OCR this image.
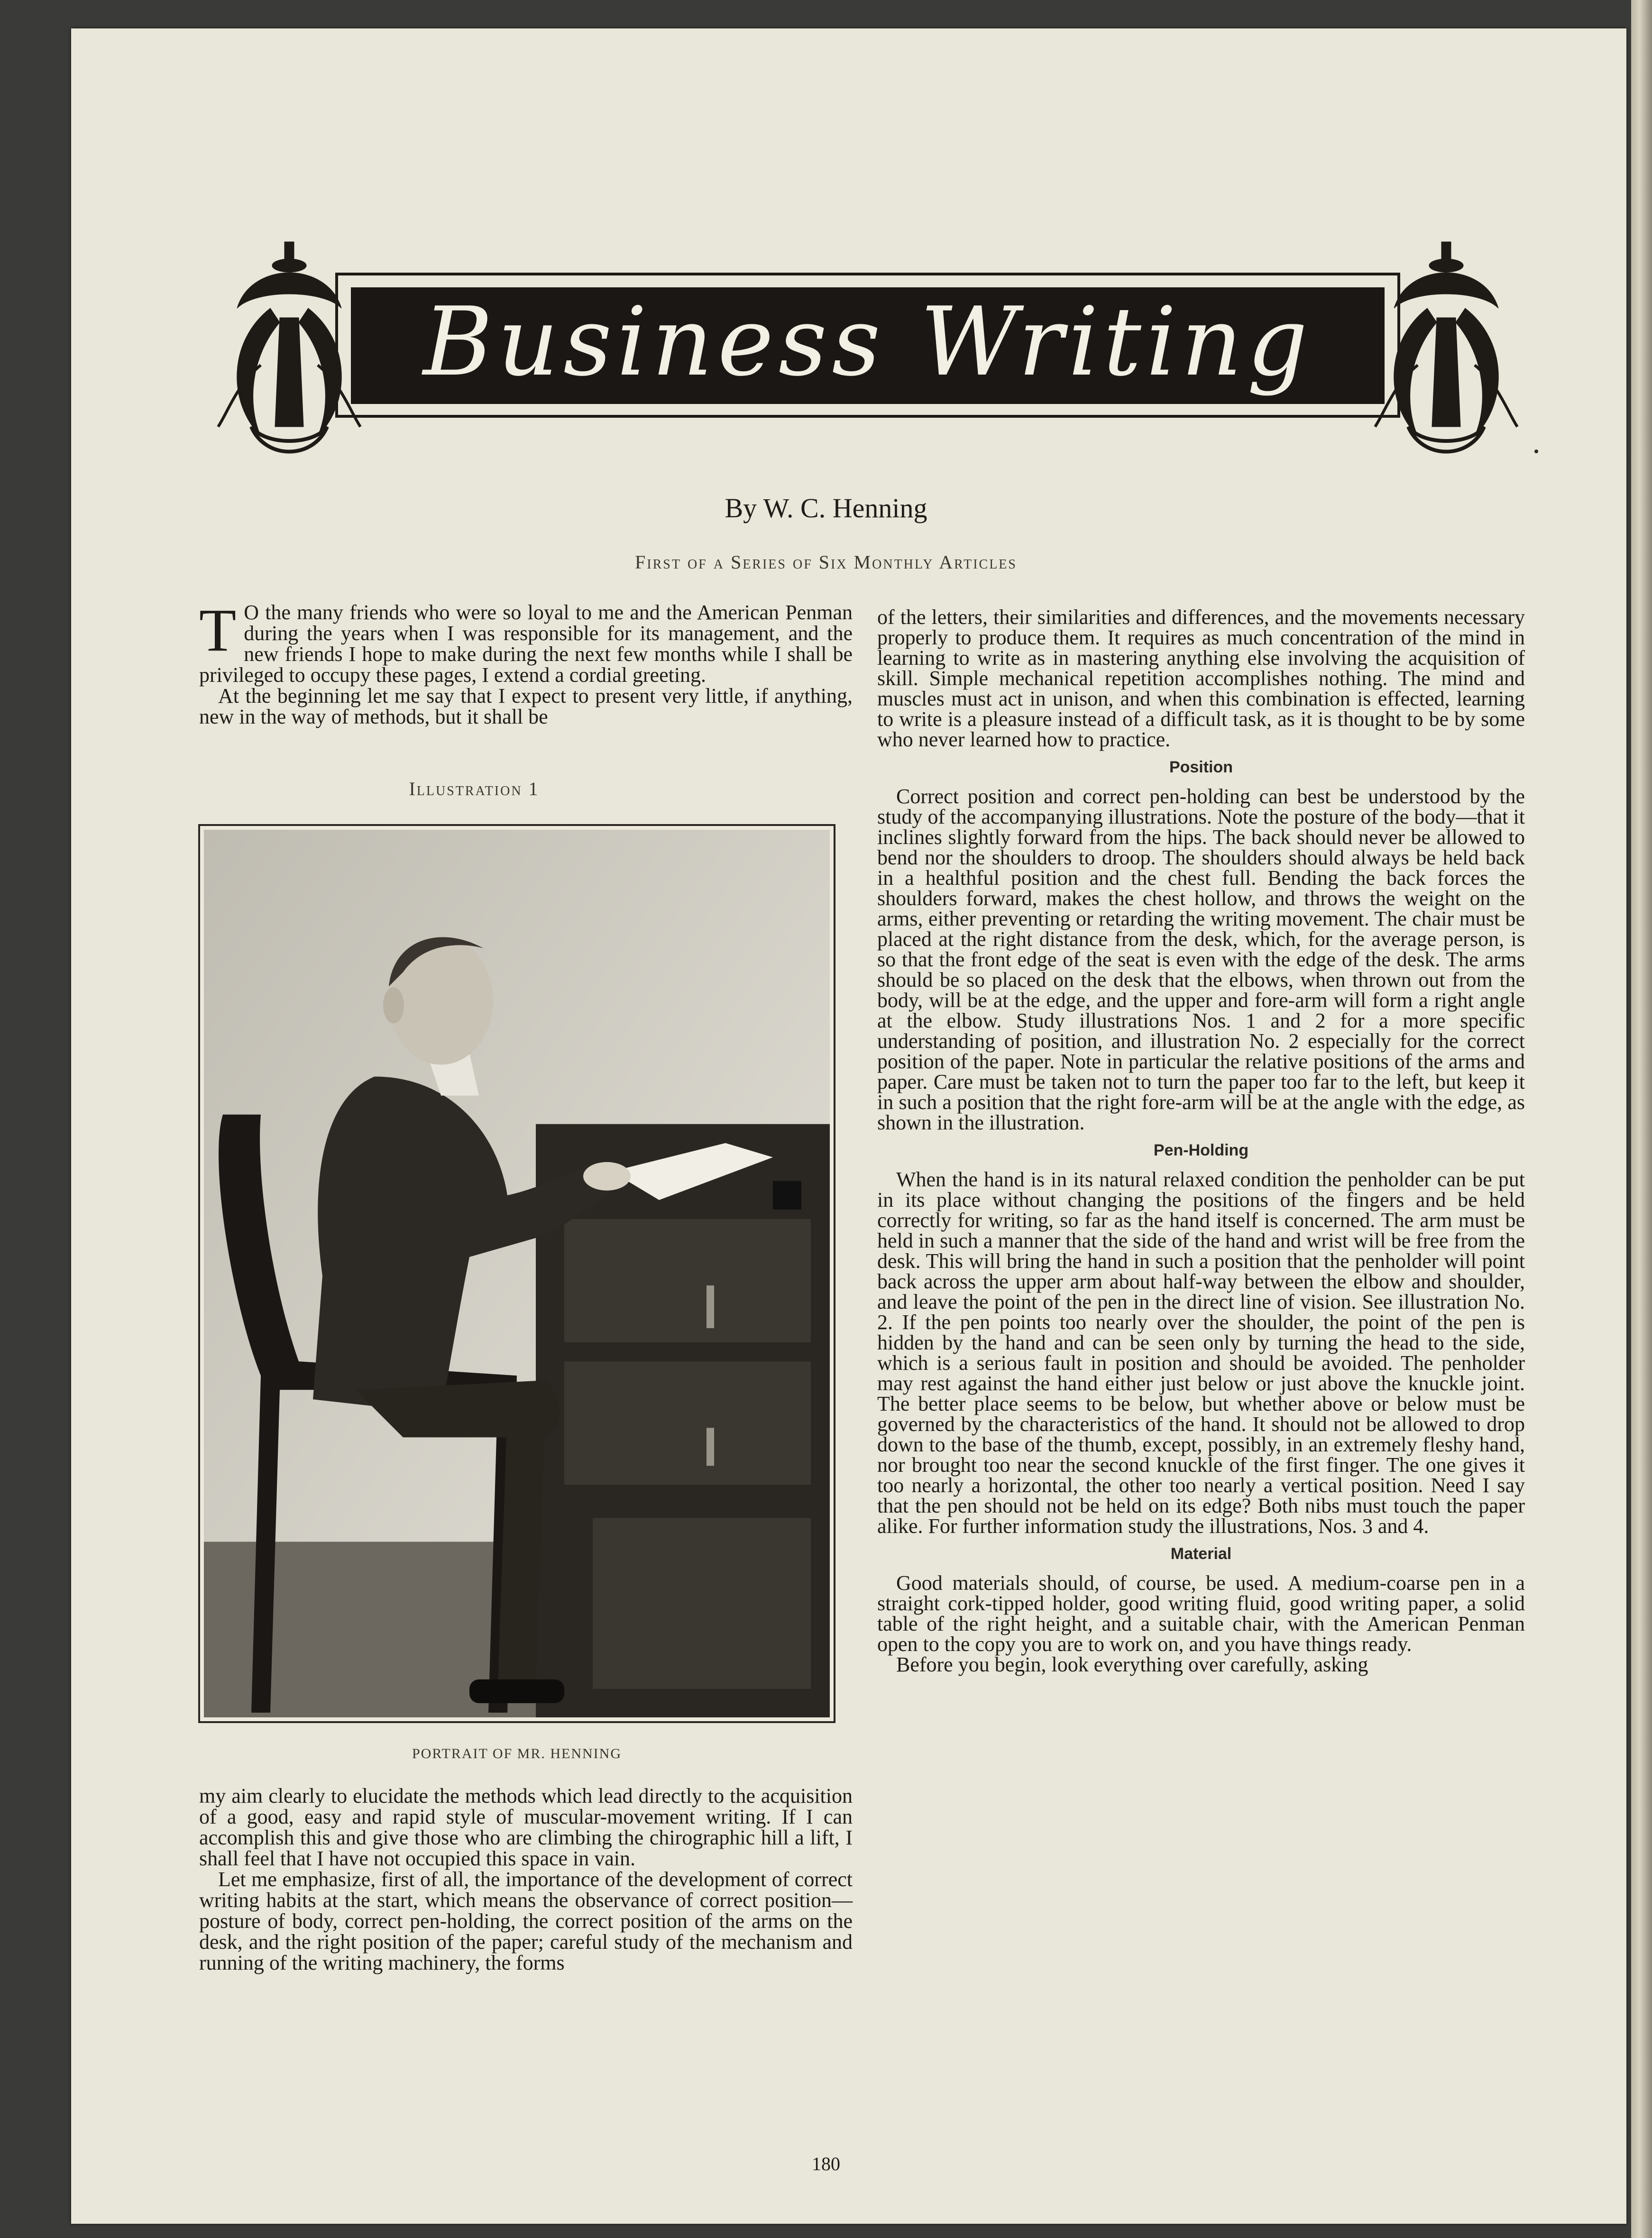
Business Writing
By W. C. Henning
First of a Series of Six Monthly Articles

T O the many friends who were so loyal to me and the American Penman during the years when I was responsible for its management, and the new friends I hope to make during the next few months while I shall be privileged to occupy these pages, I extend a cordial greeting.

At the beginning let me say that I expect to present very little, if anything, new in the way of methods, but it shall be

Illustration 1
PORTRAIT OF MR. HENNING

my aim clearly to elucidate the methods which lead directly to the acquisition of a good, easy and rapid style of muscular-movement writing. If I can accomplish this and give those who are climbing the chirographic hill a lift, I shall feel that I have not occupied this space in vain.

Let me emphasize, first of all, the importance of the development of correct writing habits at the start, which means the observance of correct position—posture of body, correct pen-holding, the correct position of the arms on the desk, and the right position of the paper; careful study of the mechanism and running of the writing machinery, the forms

of the letters, their similarities and differences, and the movements necessary properly to produce them. It requires as much concentration of the mind in learning to write as in mastering anything else involving the acquisition of skill. Simple mechanical repetition accomplishes nothing. The mind and muscles must act in unison, and when this combination is effected, learning to write is a pleasure instead of a difficult task, as it is thought to be by some who never learned how to practice.

Position

Correct position and correct pen-holding can best be understood by the study of the accompanying illustrations. Note the posture of the body—that it inclines slightly forward from the hips. The back should never be allowed to bend nor the shoulders to droop. The shoulders should always be held back in a healthful position and the chest full. Bending the back forces the shoulders forward, makes the chest hollow, and throws the weight on the arms, either preventing or retarding the writing movement. The chair must be placed at the right distance from the desk, which, for the average person, is so that the front edge of the seat is even with the edge of the desk. The arms should be so placed on the desk that the elbows, when thrown out from the body, will be at the edge, and the upper and fore-arm will form a right angle at the elbow. Study illustrations Nos. 1 and 2 for a more specific understanding of position, and illustration No. 2 especially for the correct position of the paper. Note in particular the relative positions of the arms and paper. Care must be taken not to turn the paper too far to the left, but keep it in such a position that the right fore-arm will be at the angle with the edge, as shown in the illustration.

Pen-Holding

When the hand is in its natural relaxed condition the penholder can be put in its place without changing the positions of the fingers and be held correctly for writing, so far as the hand itself is concerned. The arm must be held in such a manner that the side of the hand and wrist will be free from the desk. This will bring the hand in such a position that the penholder will point back across the upper arm about half-way between the elbow and shoulder, and leave the point of the pen in the direct line of vision. See illustration No. 2. If the pen points too nearly over the shoulder, the point of the pen is hidden by the hand and can be seen only by turning the head to the side, which is a serious fault in position and should be avoided. The penholder may rest against the hand either just below or just above the knuckle joint. The better place seems to be below, but whether above or below must be governed by the characteristics of the hand. It should not be allowed to drop down to the base of the thumb, except, possibly, in an extremely fleshy hand, nor brought too near the second knuckle of the first finger. The one gives it too nearly a horizontal, the other too nearly a vertical position. Need I say that the pen should not be held on its edge? Both nibs must touch the paper alike. For further information study the illustrations, Nos. 3 and 4.

Material

Good materials should, of course, be used. A medium-coarse pen in a straight cork-tipped holder, good writing fluid, good writing paper, a solid table of the right height, and a suitable chair, with the American Penman open to the copy you are to work on, and you have things ready.

Before you begin, look everything over carefully, asking

180
